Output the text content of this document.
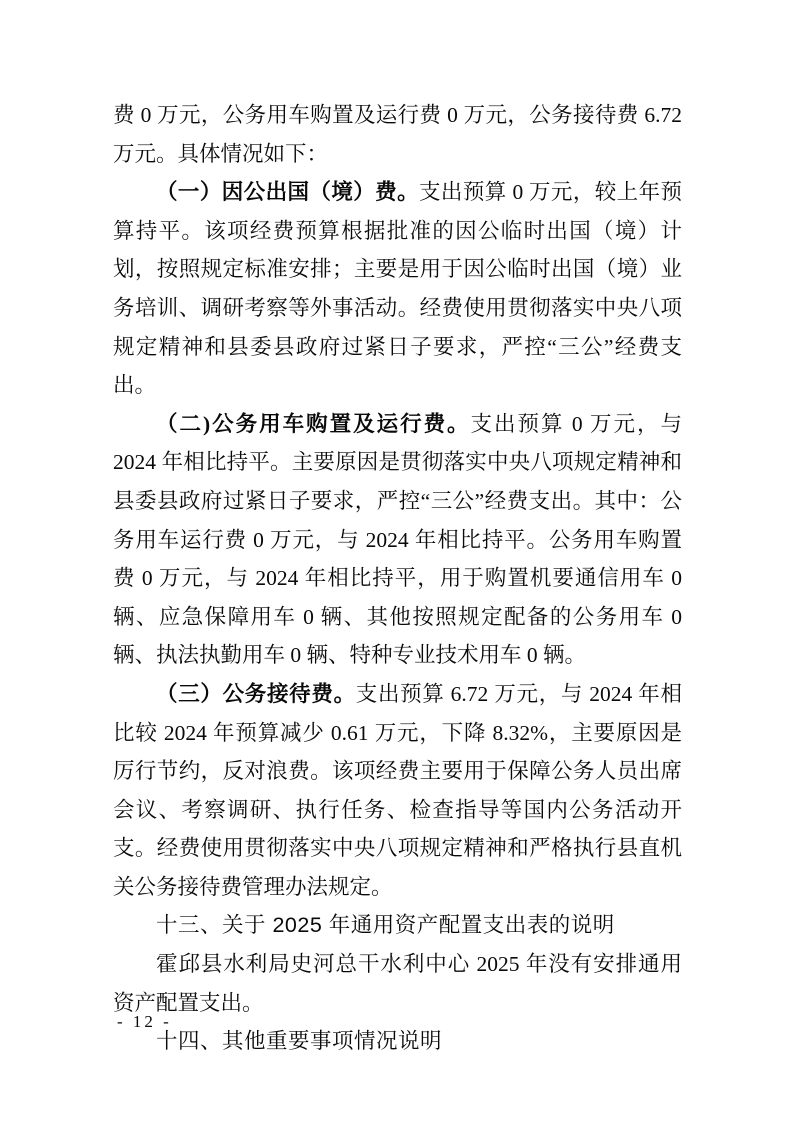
费 0 万元，公务用车购置及运行费 0 万元，公务接待费 6.72 万元。具体情况如下：

（一）因公出国（境）费。支出预算 0 万元，较上年预算持平。该项经费预算根据批准的因公临时出国（境）计划，按照规定标准安排；主要是用于因公临时出国（境）业务培训、调研考察等外事活动。经费使用贯彻落实中央八项规定精神和县委县政府过紧日子要求，严控“三公”经费支出。

（二)公务用车购置及运行费。支出预算 0 万元，与 2024 年相比持平。主要原因是贯彻落实中央八项规定精神和县委县政府过紧日子要求，严控“三公”经费支出。其中：公务用车运行费 0 万元，与 2024 年相比持平。公务用车购置费 0 万元，与 2024 年相比持平，用于购置机要通信用车 0 辆、应急保障用车 0 辆、其他按照规定配备的公务用车 0 辆、执法执勤用车 0 辆、特种专业技术用车 0 辆。

（三）公务接待费。支出预算 6.72 万元，与 2024 年相比较 2024 年预算减少 0.61 万元，下降 8.32%，主要原因是厉行节约，反对浪费。该项经费主要用于保障公务人员出席会议、考察调研、执行任务、检查指导等国内公务活动开支。经费使用贯彻落实中央八项规定精神和严格执行县直机关公务接待费管理办法规定。

十三、关于 2025 年通用资产配置支出表的说明

霍邱县水利局史河总干水利中心 2025 年没有安排通用资产配置支出。

十四、其他重要事项情况说明
- 12 -
